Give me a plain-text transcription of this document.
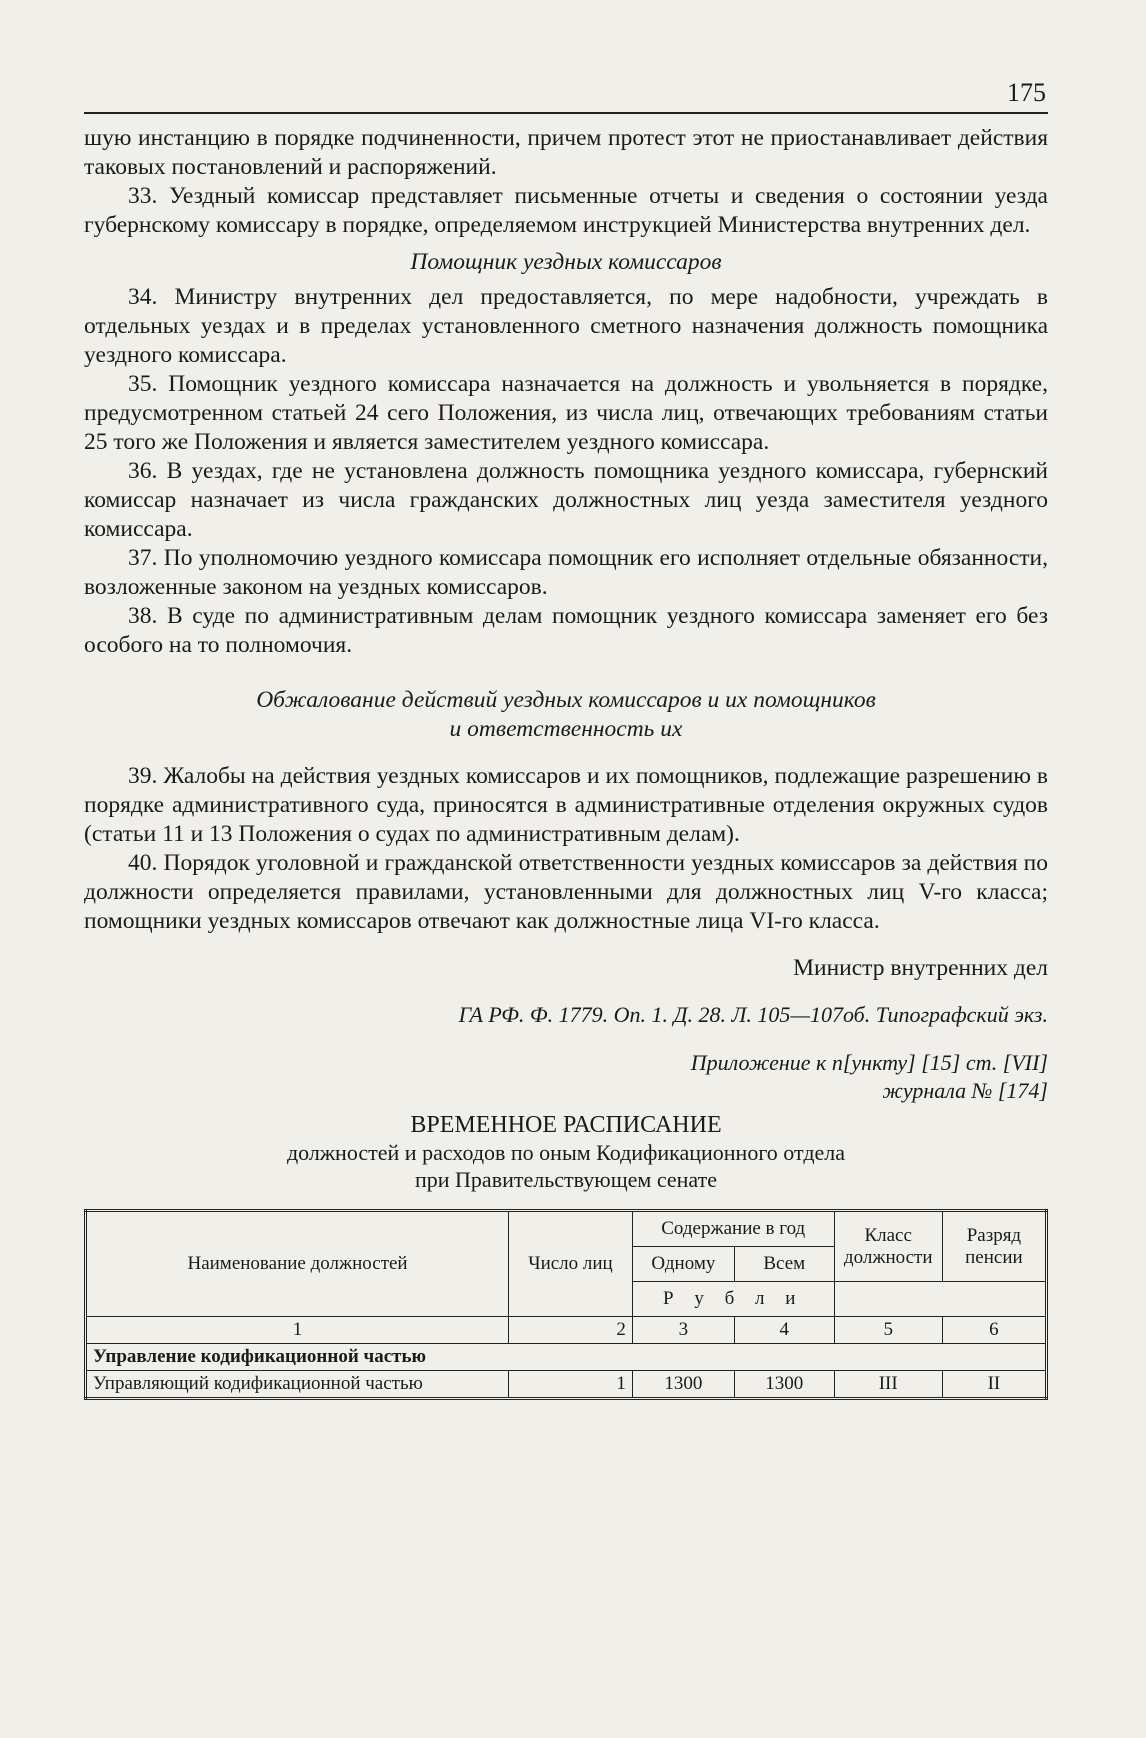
175

шую инстанцию в порядке подчиненности, причем протест этот не приостанавливает действия таковых постановлений и распоряжений.

33. Уездный комиссар представляет письменные отчеты и сведения о состоянии уезда губернскому комиссару в порядке, определяемом инструкцией Министерства внутренних дел.

Помощник уездных комиссаров

34. Министру внутренних дел предоставляется, по мере надобности, учреждать в отдельных уездах и в пределах установленного сметного назначения должность помощника уездного комиссара.

35. Помощник уездного комиссара назначается на должность и увольняется в порядке, предусмотренном статьей 24 сего Положения, из числа лиц, отвечающих требованиям статьи 25 того же Положения и является заместителем уездного комиссара.

36. В уездах, где не установлена должность помощника уездного комиссара, губернский комиссар назначает из числа гражданских должностных лиц уезда заместителя уездного комиссара.

37. По уполномочию уездного комиссара помощник его исполняет отдельные обязанности, возложенные законом на уездных комиссаров.

38. В суде по административным делам помощник уездного комиссара заменяет его без особого на то полномочия.

Обжалование действий уездных комиссаров и их помощников
и ответственность их

39. Жалобы на действия уездных комиссаров и их помощников, подлежащие разрешению в порядке административного суда, приносятся в административные отделения окружных судов (статьи 11 и 13 Положения о судах по административным делам).

40. Порядок уголовной и гражданской ответственности уездных комиссаров за действия по должности определяется правилами, установленными для должностных лиц V-го класса; помощники уездных комиссаров отвечают как должностные лица VI-го класса.

Министр внутренних дел
ГА РФ. Ф. 1779. Оп. 1. Д. 28. Л. 105—107об. Типографский экз.
Приложение к п[ункту] [15] ст. [VII]
журнала № [174]
ВРЕМЕННОЕ РАСПИСАНИЕ
должностей и расходов по оным Кодификационного отдела
при Правительствующем сенате
Наименование должностей	Число лиц	Содержание в год		Класс должности	Разряд пенсии
		Одному	Всем		
		Р у б л и			
1	2	3	4	5	6
Управление кодификационной частью					
Управляющий кодификационной частью	1	1300	1300	III	II
